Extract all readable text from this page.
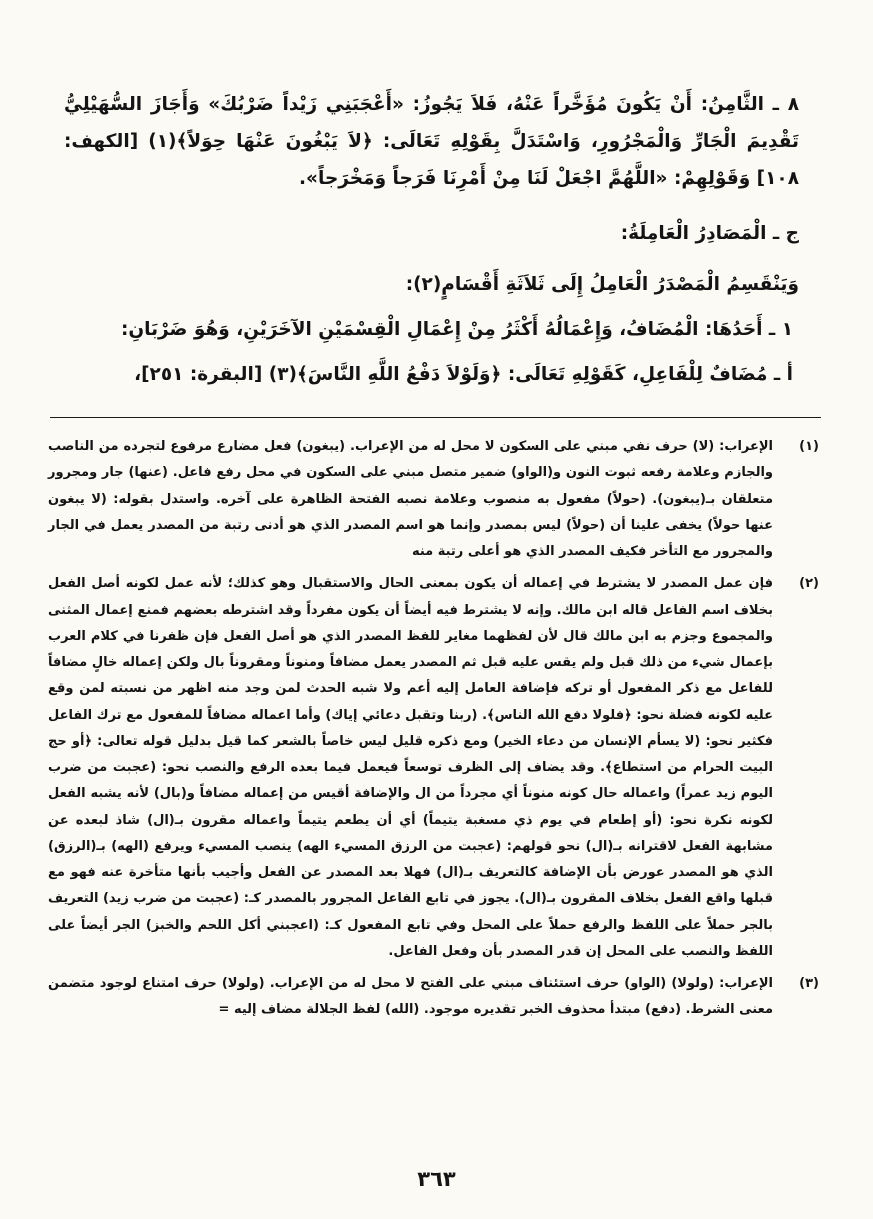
٨ ـ الثَّامِنُ: أَنْ يَكُونَ مُؤَخَّراً عَنْهُ، فَلاَ يَجُوزُ: «أَعْجَبَنِي زَيْداً ضَرْبُكَ» وَأَجَازَ السُّهَيْلِيُّ تَقْدِيمَ الْجَارِّ وَالْمَجْرُورِ، وَاسْتَدَلَّ بِقَوْلِهِ تَعَالَى: ﴿لاَ يَبْغُونَ عَنْهَا حِوَلاً﴾(١) [الكهف: ١٠٨] وَقَوْلِهِمْ: «اللَّهُمَّ اجْعَلْ لَنَا مِنْ أَمْرِنَا فَرَجاً وَمَخْرَجاً».

ج ـ الْمَصَادِرُ الْعَامِلَةُ:

وَيَنْقَسِمُ الْمَصْدَرُ الْعَامِلُ إِلَى ثَلاَثَةِ أَقْسَامٍ(٢):

١ ـ أَحَدُهَا: الْمُضَافُ، وَإِعْمَالُهُ أَكْثَرُ مِنْ إِعْمَالِ الْقِسْمَيْنِ الآخَرَيْنِ، وَهُوَ ضَرْبَانِ:

أ ـ مُضَافٌ لِلْفَاعِلِ، كَقَوْلِهِ تَعَالَى: ﴿وَلَوْلاَ دَفْعُ اللَّهِ النَّاسَ﴾(٣) [البقرة: ٢٥١]،

(١)
الإعراب: (لا) حرف نفي مبني على السكون لا محل له من الإعراب. (يبغون) فعل مضارع مرفوع لتجرده من الناصب والجازم وعلامة رفعه ثبوت النون و(الواو) ضمير متصل مبني على السكون في محل رفع فاعل. (عنها) جار ومجرور متعلقان بـ(يبغون). (حولاً) مفعول به منصوب وعلامة نصبه الفتحة الظاهرة على آخره. واستدل بقوله: (لا يبغون عنها حولاً) يخفى علينا أن (حولاً) ليس بمصدر وإنما هو اسم المصدر الذي هو أدنى رتبة من المصدر يعمل في الجار والمجرور مع التأخر فكيف المصدر الذي هو أعلى رتبة منه
(٢)
فإن عمل المصدر لا يشترط في إعماله أن يكون بمعنى الحال والاستقبال وهو كذلك؛ لأنه عمل لكونه أصل الفعل بخلاف اسم الفاعل قاله ابن مالك. وإنه لا يشترط فيه أيضاً أن يكون مفرداً وقد اشترطه بعضهم فمنع إعمال المثنى والمجموع وجزم به ابن مالك قال لأن لفظهما مغاير للفظ المصدر الذي هو أصل الفعل فإن ظفرنا في كلام العرب بإعمال شيء من ذلك قبل ولم يقس عليه قبل ثم المصدر يعمل مضافاً ومنوناً ومقروناً بال ولكن إعماله خالٍ مضافاً للفاعل مع ذكر المفعول أو تركه فإضافة العامل إليه أعم ولا شبه الحدث لمن وجد منه اظهر من نسبته لمن وقع عليه لكونه فضلة نحو: ﴿فلولا دفع الله الناس﴾. (ربنا وتقبل دعائي إياك) وأما اعماله مضافاً للمفعول مع ترك الفاعل فكثير نحو: (لا يسأم الإنسان من دعاء الخير) ومع ذكره قليل ليس خاصاً بالشعر كما قيل بدليل قوله تعالى: ﴿أو حج البيت الحرام من استطاع﴾. وقد يضاف إلى الظرف توسعاً فيعمل فيما بعده الرفع والنصب نحو: (عجبت من ضرب اليوم زيد عمراً) واعماله حال كونه منوناً أي مجرداً من ال والإضافة أقيس من إعماله مضافاً و(بال) لأنه يشبه الفعل لكونه نكرة نحو: (أو إطعام في يوم ذي مسغبة يتيماً) أي أن يطعم يتيماً واعماله مقرون بـ(ال) شاذ لبعده عن مشابهة الفعل لاقترانه بـ(ال) نحو قولهم: (عجبت من الرزق المسيء الهه) ينصب المسيء ويرفع (الهه) بـ(الرزق) الذي هو المصدر عورض بأن الإضافة كالتعريف بـ(ال) فهلا بعد المصدر عن الفعل وأجيب بأنها متأخرة عنه فهو مع قبلها واقع الفعل بخلاف المقرون بـ(ال). يجوز في تابع الفاعل المجرور بالمصدر كـ: (عجبت من ضرب زيد) التعريف بالجر حملاً على اللفظ والرفع حملاً على المحل وفي تابع المفعول كـ: (اعجبني أكل اللحم والخبز) الجر أيضاً على اللفظ والنصب على المحل إن قدر المصدر بأن وفعل الفاعل.
(٣)
الإعراب: (ولولا) (الواو) حرف استئناف مبني على الفتح لا محل له من الإعراب. (ولولا) حرف امتناع لوجود متضمن معنى الشرط. (دفع) مبتدأ محذوف الخبر تقديره موجود. (الله) لفظ الجلالة مضاف إليه =
٣٦٣
